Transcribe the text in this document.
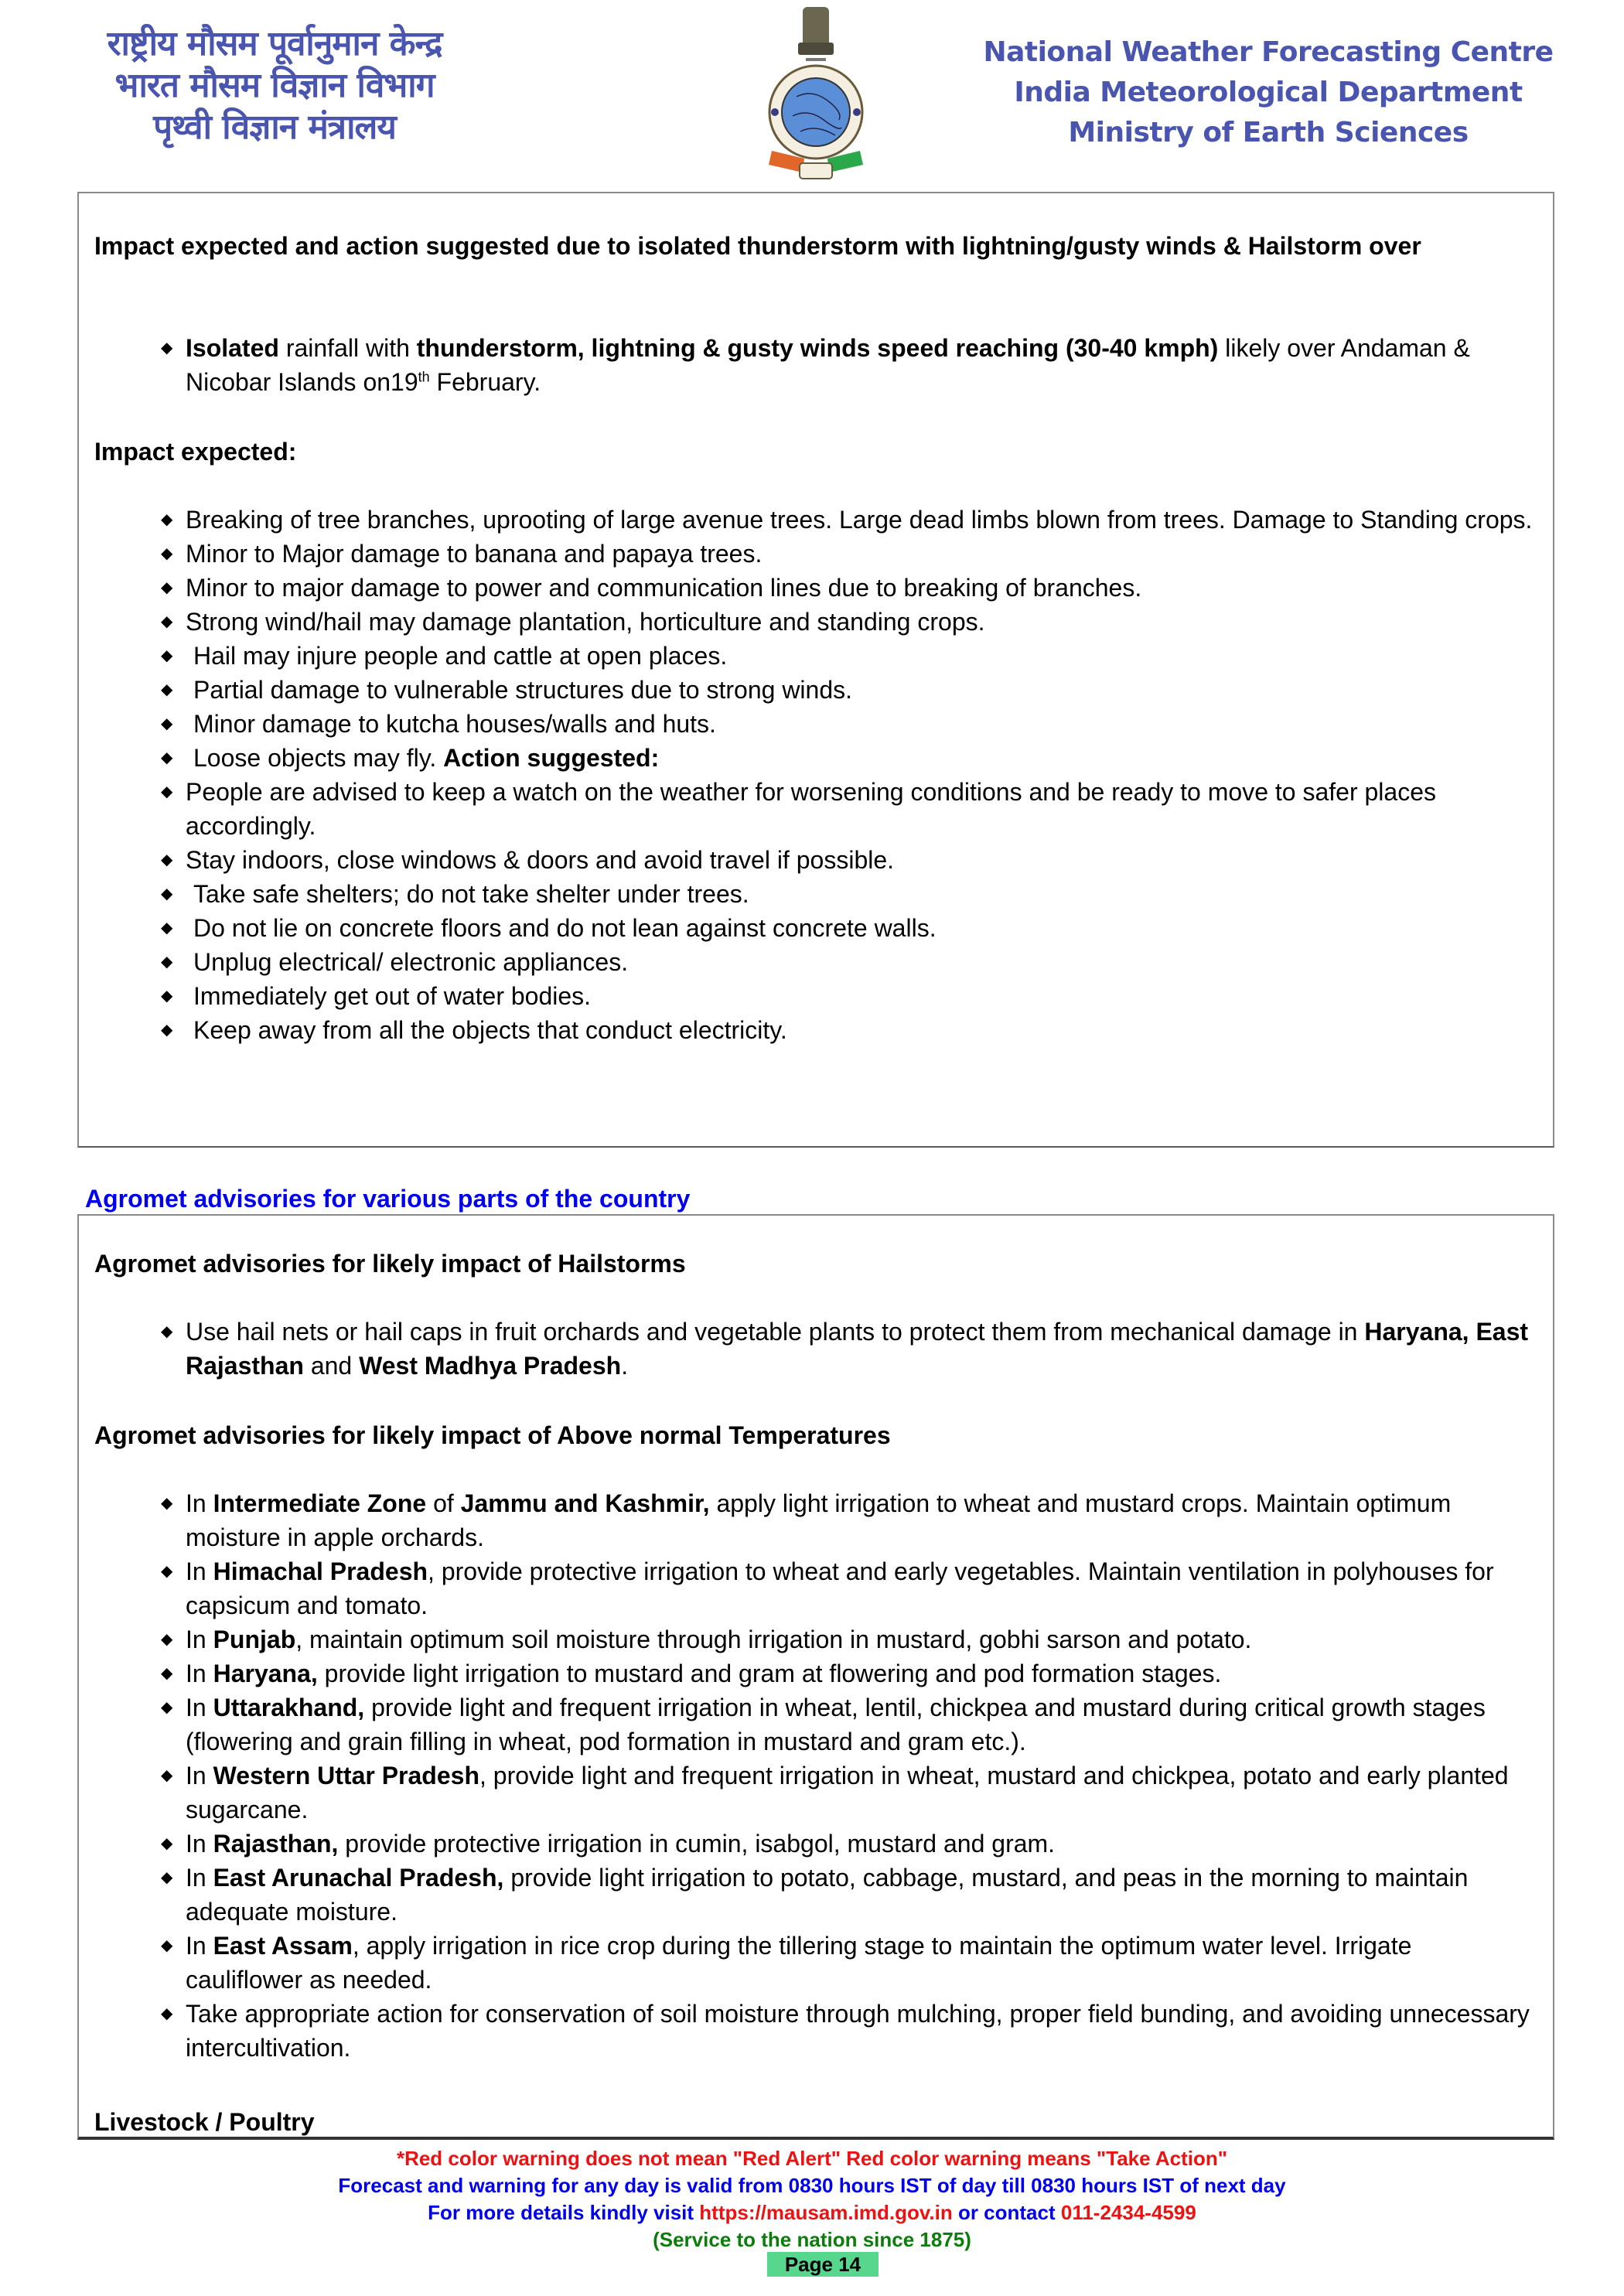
राष्ट्रीय मौसम पूर्वानुमान केन्द्र
भारत मौसम विज्ञान विभाग
पृथ्वी विज्ञान मंत्रालय
National Weather Forecasting Centre
India Meteorological Department
Ministry of Earth Sciences
Impact expected and action suggested due to isolated thunderstorm with lightning/gusty winds & Hailstorm over
◆ Isolated rainfall with thunderstorm, lightning & gusty winds speed reaching (30-40 kmph) likely over Andaman & Nicobar Islands on19th February.
Impact expected:
◆ Breaking of tree branches, uprooting of large avenue trees. Large dead limbs blown from trees. Damage to Standing crops.
◆ Minor to Major damage to banana and papaya trees.
◆ Minor to major damage to power and communication lines due to breaking of branches.
◆ Strong wind/hail may damage plantation, horticulture and standing crops.
◆ Hail may injure people and cattle at open places.
◆ Partial damage to vulnerable structures due to strong winds.
◆ Minor damage to kutcha houses/walls and huts.
◆ Loose objects may fly. Action suggested:
◆ People are advised to keep a watch on the weather for worsening conditions and be ready to move to safer places accordingly.
◆ Stay indoors, close windows & doors and avoid travel if possible.
◆ Take safe shelters; do not take shelter under trees.
◆ Do not lie on concrete floors and do not lean against concrete walls.
◆ Unplug electrical/ electronic appliances.
◆ Immediately get out of water bodies.
◆ Keep away from all the objects that conduct electricity.
Agromet advisories for various parts of the country
Agromet advisories for likely impact of Hailstorms
◆ Use hail nets or hail caps in fruit orchards and vegetable plants to protect them from mechanical damage in Haryana, East Rajasthan and West Madhya Pradesh.
Agromet advisories for likely impact of Above normal Temperatures
◆ In Intermediate Zone of Jammu and Kashmir, apply light irrigation to wheat and mustard crops. Maintain optimum moisture in apple orchards.
◆ In Himachal Pradesh, provide protective irrigation to wheat and early vegetables. Maintain ventilation in polyhouses for capsicum and tomato.
◆ In Punjab, maintain optimum soil moisture through irrigation in mustard, gobhi sarson and potato.
◆ In Haryana, provide light irrigation to mustard and gram at flowering and pod formation stages.
◆ In Uttarakhand, provide light and frequent irrigation in wheat, lentil, chickpea and mustard during critical growth stages (flowering and grain filling in wheat, pod formation in mustard and gram etc.).
◆ In Western Uttar Pradesh, provide light and frequent irrigation in wheat, mustard and chickpea, potato and early planted sugarcane.
◆ In Rajasthan, provide protective irrigation in cumin, isabgol, mustard and gram.
◆ In East Arunachal Pradesh, provide light irrigation to potato, cabbage, mustard, and peas in the morning to maintain adequate moisture.
◆ In East Assam, apply irrigation in rice crop during the tillering stage to maintain the optimum water level. Irrigate cauliflower as needed.
◆ Take appropriate action for conservation of soil moisture through mulching, proper field bunding, and avoiding unnecessary intercultivation.
Livestock / Poultry
*Red color warning does not mean "Red Alert" Red color warning means "Take Action"
Forecast and warning for any day is valid from 0830 hours IST of day till 0830 hours IST of next day
For more details kindly visit https://mausam.imd.gov.in or contact 011-2434-4599
(Service to the nation since 1875)
Page 14
